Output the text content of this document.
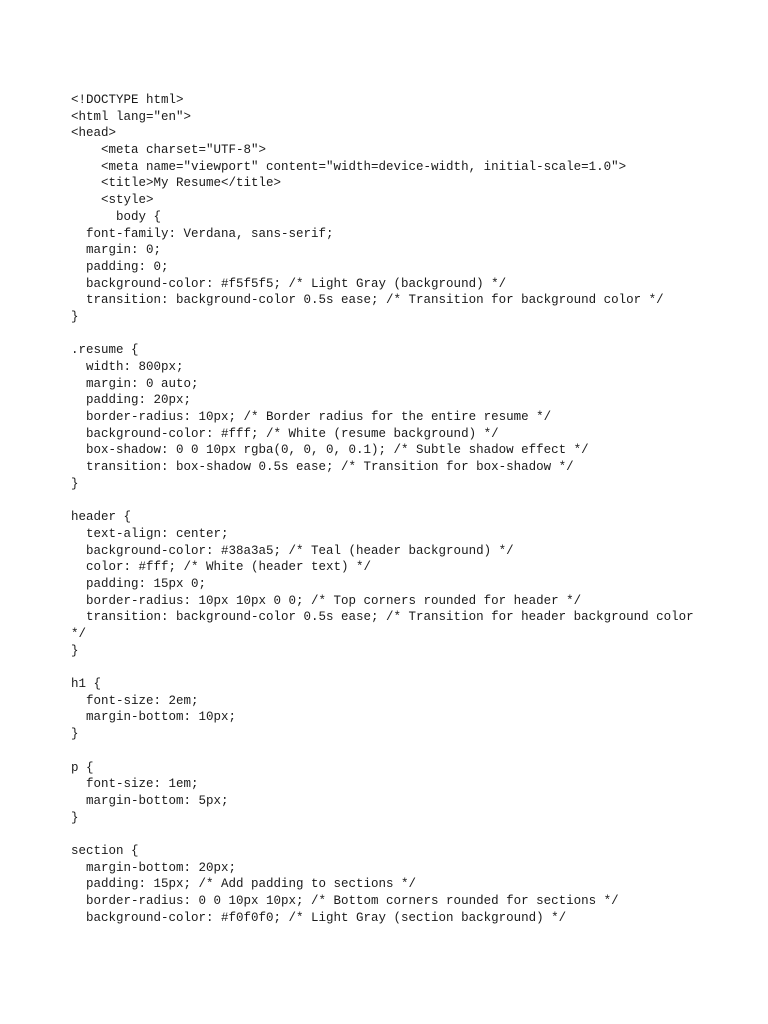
<!DOCTYPE html>
<html lang="en">
<head>
<meta charset="UTF-8">
<meta name="viewport" content="width=device-width, initial-scale=1.0">
<title>My Resume</title>
<style>
body {
font-family: Verdana, sans-serif;
margin: 0;
padding: 0;
background-color: #f5f5f5; /* Light Gray (background) */
transition: background-color 0.5s ease; /* Transition for background color */
}
.resume {
width: 800px;
margin: 0 auto;
padding: 20px;
border-radius: 10px; /* Border radius for the entire resume */
background-color: #fff; /* White (resume background) */
box-shadow: 0 0 10px rgba(0, 0, 0, 0.1); /* Subtle shadow effect */
transition: box-shadow 0.5s ease; /* Transition for box-shadow */
}
header {
text-align: center;
background-color: #38a3a5; /* Teal (header background) */
color: #fff; /* White (header text) */
padding: 15px 0;
border-radius: 10px 10px 0 0; /* Top corners rounded for header */
transition: background-color 0.5s ease; /* Transition for header background color
*/
}
h1 {
font-size: 2em;
margin-bottom: 10px;
}
p {
font-size: 1em;
margin-bottom: 5px;
}
section {
margin-bottom: 20px;
padding: 15px; /* Add padding to sections */
border-radius: 0 0 10px 10px; /* Bottom corners rounded for sections */
background-color: #f0f0f0; /* Light Gray (section background) */
